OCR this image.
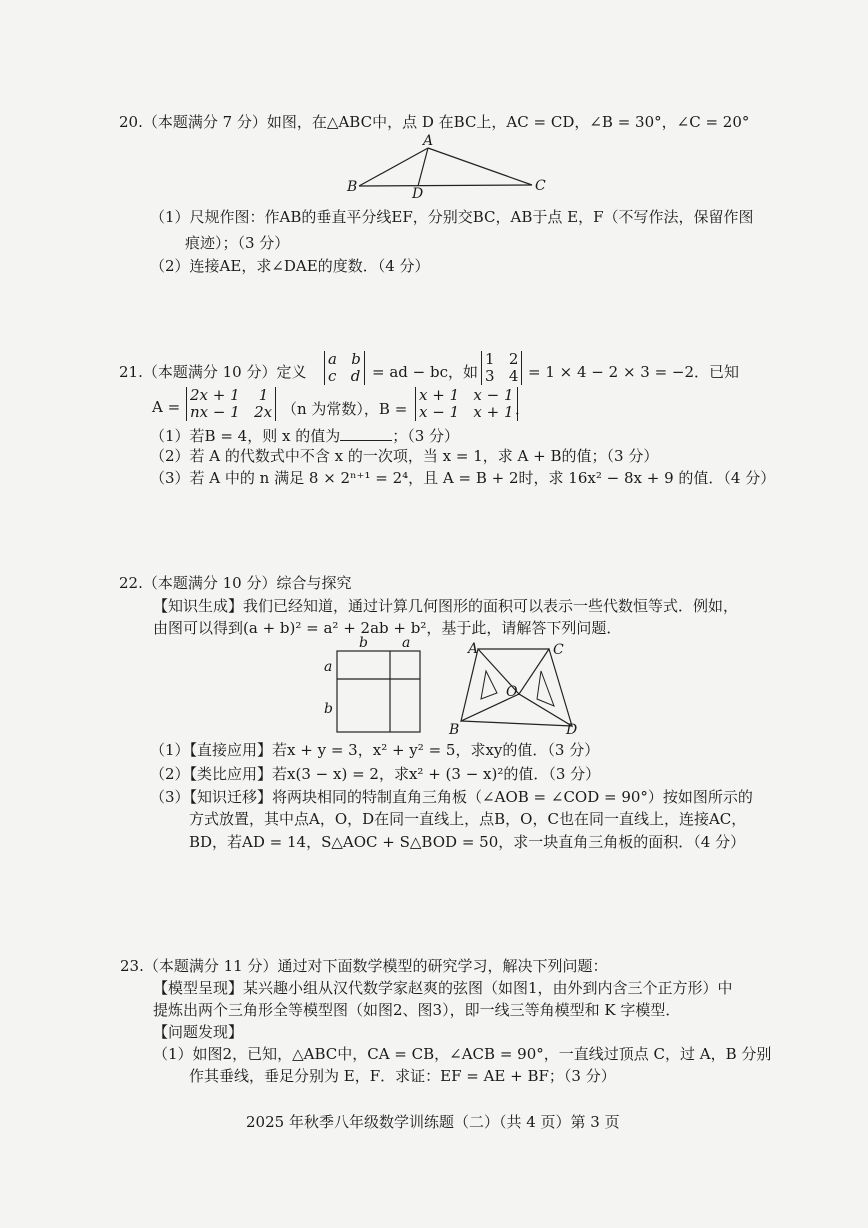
20.（本题满分 7 分）如图，在△ABC中，点 D 在BC上，AC = CD，∠B = 30°，∠C = 20°
A
B	C
D
（1）尺规作图：作AB的垂直平分线EF，分别交BC，AB于点 E，F（不写作法，保留作图
痕迹）；（3 分）
（2）连接AE，求∠DAE的度数．（4 分）
21.（本题满分 10 分）定义
a   b
c   d = ad − bc，如
1   2
3   4 = 1 × 4 − 2 × 3 = −2．已知
A =
2x + 1    1
nx − 1   2x （n 为常数），B =
x + 1   x − 1
x − 1   x + 1 ．
（1）若B = 4，则 x 的值为	；（3 分）
（2）若 A 的代数式中不含 x 的一次项，当 x = 1，求 A + B的值；（3 分）
（3）若 A 中的 n 满足 8 × 2ⁿ⁺¹ = 2⁴，且 A = B + 2时，求 16x² − 8x + 9 的值．（4 分）
22.（本题满分 10 分）综合与探究
【知识生成】我们已经知道，通过计算几何图形的面积可以表示一些代数恒等式．例如，
由图可以得到(a + b)² = a² + 2ab + b²，基于此，请解答下列问题．
b a
a
b
A	C
O
B	D
（1）【直接应用】若x + y = 3，x² + y² = 5，求xy的值．（3 分）
（2）【类比应用】若x(3 − x) = 2，求x² + (3 − x)²的值．（3 分）
（3）【知识迁移】将两块相同的特制直角三角板（∠AOB = ∠COD = 90°）按如图所示的
方式放置，其中点A，O，D在同一直线上，点B，O，C也在同一直线上，连接AC，
BD，若AD = 14，S△AOC + S△BOD = 50，求一块直角三角板的面积．（4 分）
23.（本题满分 11 分）通过对下面数学模型的研究学习，解决下列问题：
【模型呈现】某兴趣小组从汉代数学家赵爽的弦图（如图1，由外到内含三个正方形）中
提炼出两个三角形全等模型图（如图2、图3），即一线三等角模型和 K 字模型．
【问题发现】
（1）如图2，已知，△ABC中，CA = CB，∠ACB = 90°，一直线过顶点 C，过 A，B 分别
作其垂线，垂足分别为 E，F．求证：EF = AE + BF；（3 分）
2025 年秋季八年级数学训练题（二）（共 4 页）第 3 页
